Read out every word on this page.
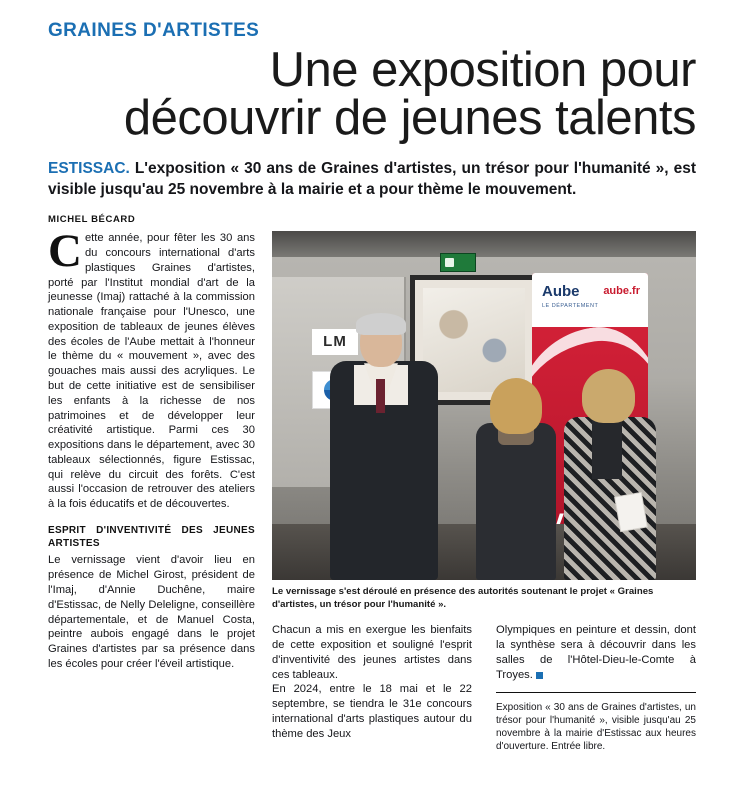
GRAINES D'ARTISTES
Une exposition pour
découvrir de jeunes talents
ESTISSAC. L'exposition « 30 ans de Graines d'artistes, un trésor pour l'humanité », est visible jusqu'au 25 novembre à la mairie et a pour thème le mouvement.
MICHEL BÉCARD

Cette année, pour fêter les 30 ans du concours international d'arts plastiques Graines d'artistes, porté par l'Institut mondial d'art de la jeunesse (Imaj) rattaché à la commission nationale française pour l'Unesco, une exposition de tableaux de jeunes élèves des écoles de l'Aube mettait à l'honneur le thème du « mouvement », avec des gouaches mais aussi des acryliques. Le but de cette initiative est de sensibiliser les enfants à la richesse de nos patrimoines et de développer leur créativité artistique. Parmi ces 30 expositions dans le département, avec 30 tableaux sélectionnés, figure Estissac, qui relève du circuit des forêts. C'est aussi l'occasion de retrouver des ateliers à la fois éducatifs et de découvertes.

ESPRIT D'INVENTIVITÉ DES JEUNES ARTISTES

Le vernissage vient d'avoir lieu en présence de Michel Girost, président de l'Imaj, d'Annie Duchêne, maire d'Estissac, de Nelly Deleligne, conseillère départementale, et de Manuel Costa, peintre aubois engagé dans le projet Graines d'artistes par sa présence dans les écoles pour créer l'éveil artistique.

LM
Aube
LE DÉPARTEMENT
aube.fr
Le vernissage s'est déroulé en présence des autorités soutenant le projet « Graines d'artistes, un trésor pour l'humanité ».

Chacun a mis en exergue les bienfaits de cette exposition et souligné l'esprit d'inventivité des jeunes artistes dans ces tableaux.

En 2024, entre le 18 mai et le 22 septembre, se tiendra le 31e concours international d'arts plastiques autour du thème des Jeux

Olympiques en peinture et dessin, dont la synthèse sera à découvrir dans les salles de l'Hôtel-Dieu-le-Comte à Troyes.

Exposition « 30 ans de Graines d'artistes, un trésor pour l'humanité », visible jusqu'au 25 novembre à la mairie d'Estissac aux heures d'ouverture. Entrée libre.
